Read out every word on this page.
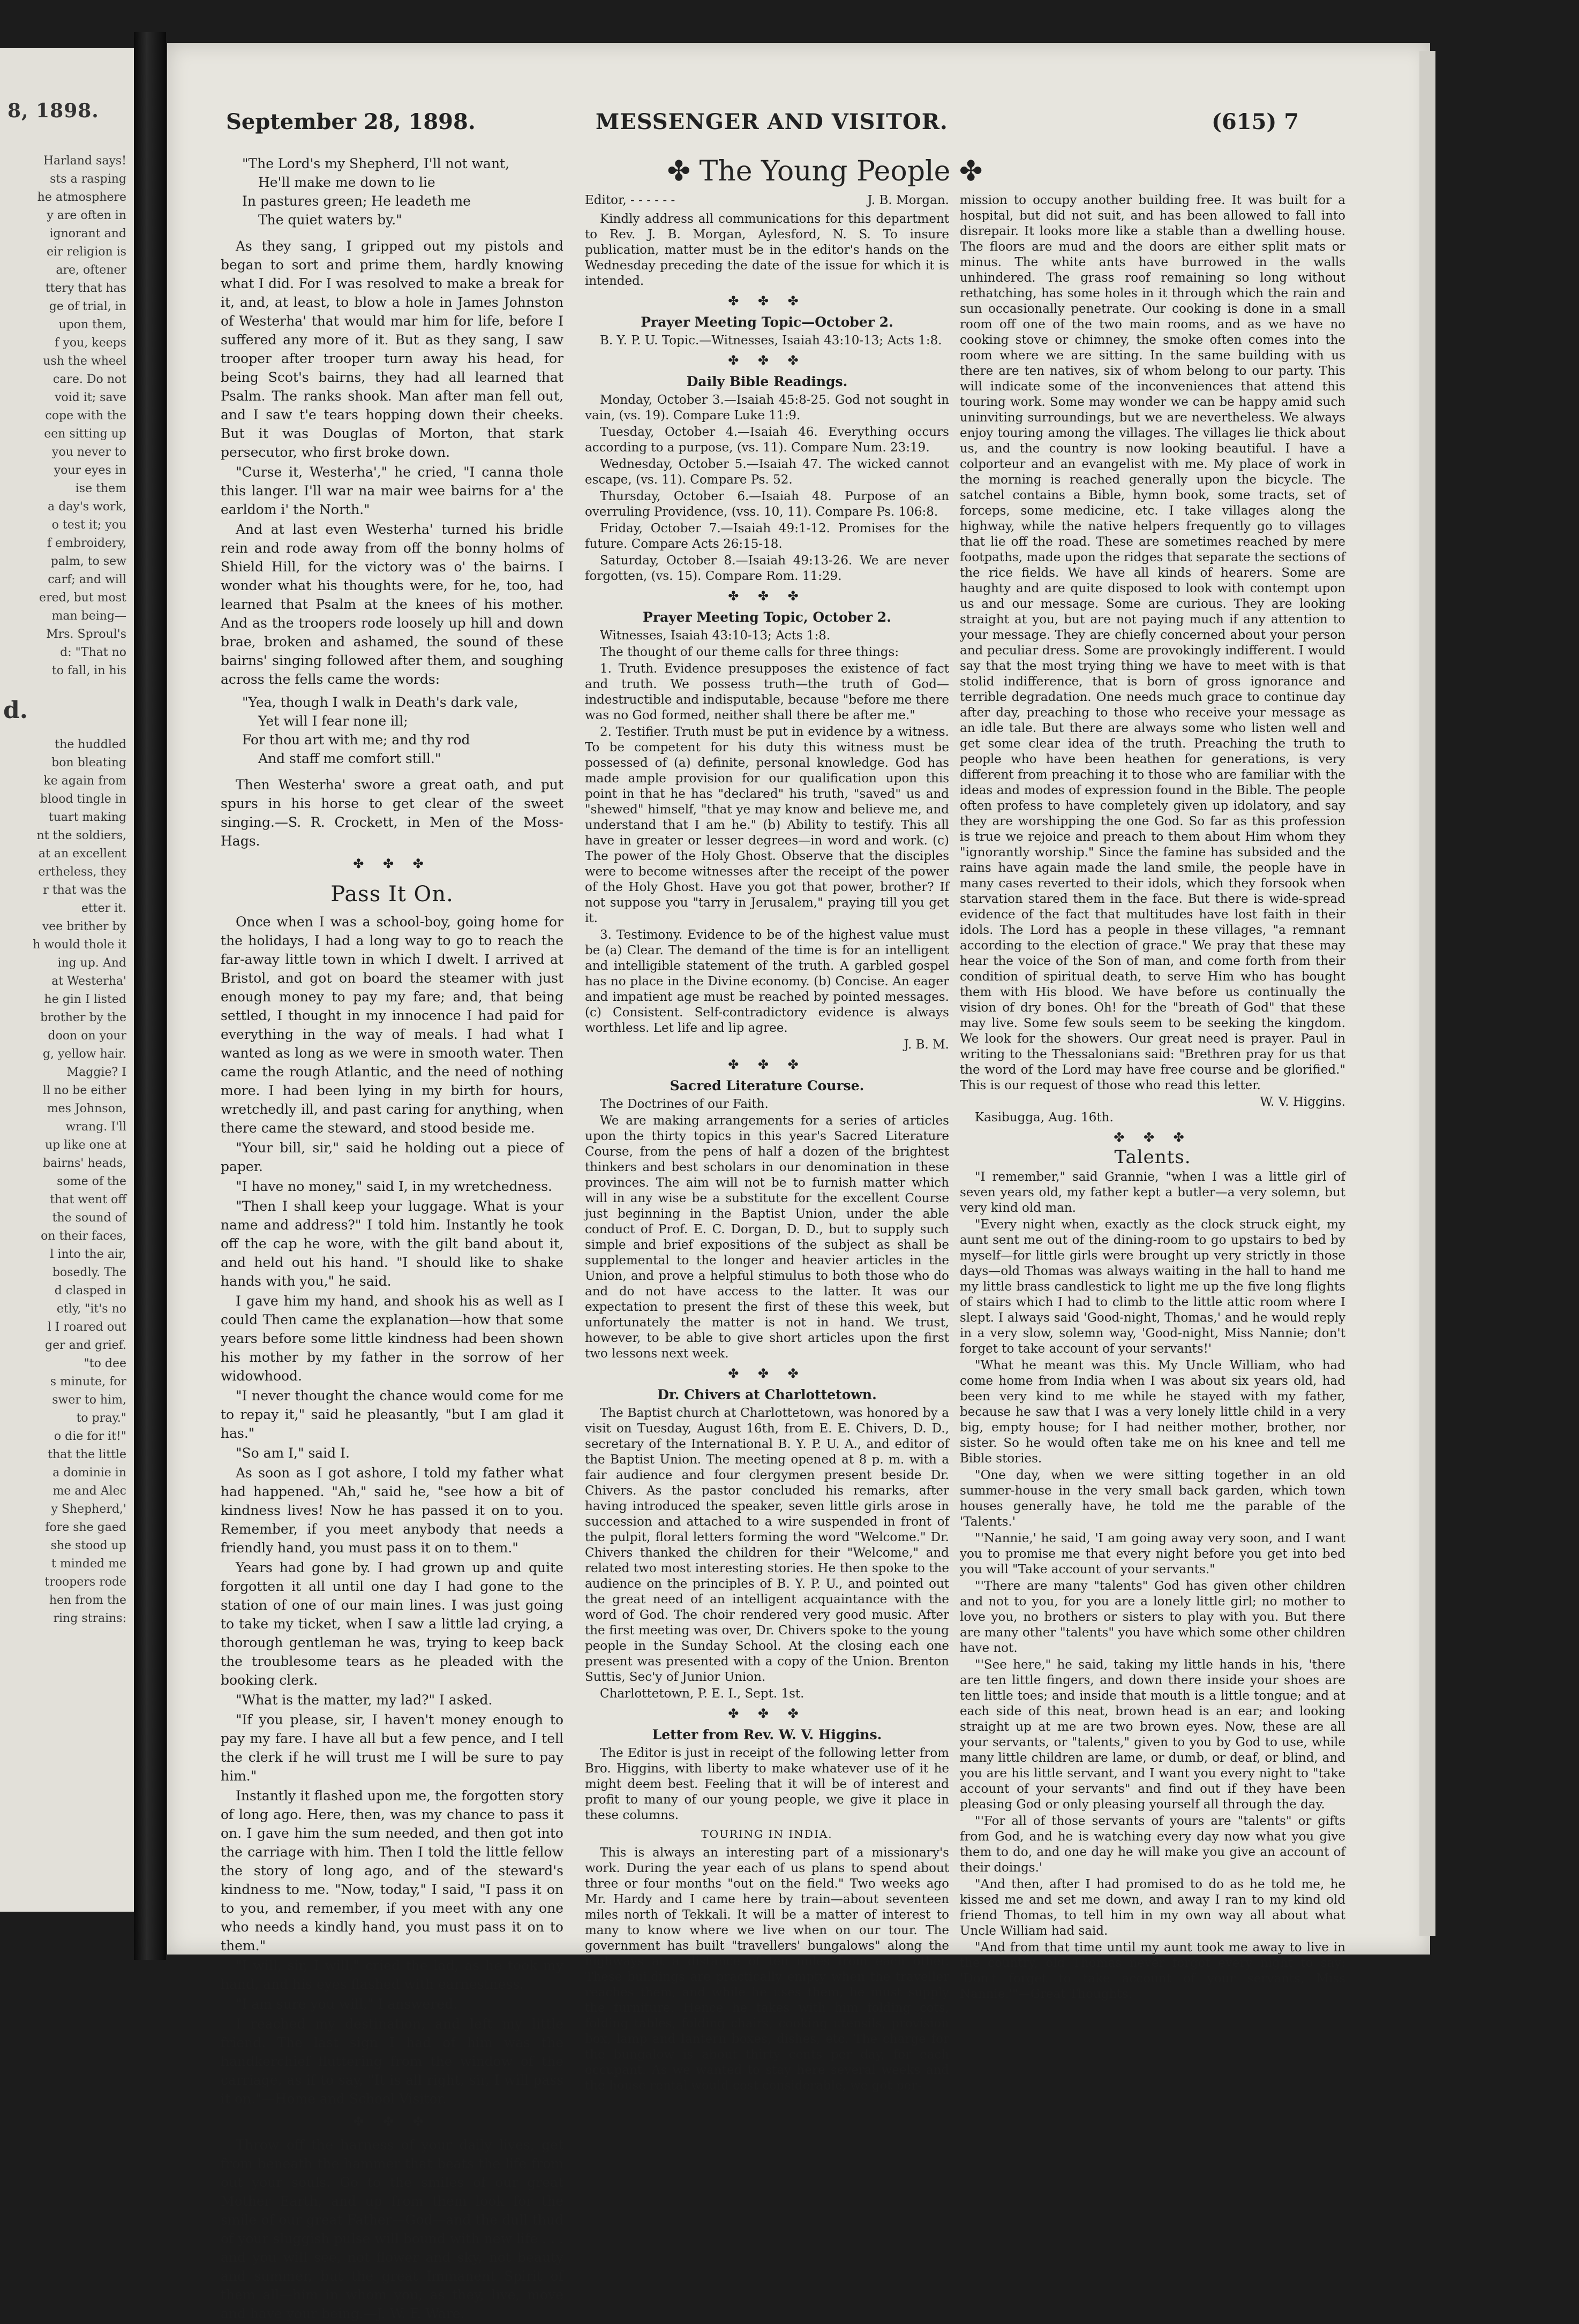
8, 1898.

Harland says!

sts a rasping

he atmosphere

y are often in

ignorant and

eir religion is

are, oftener

ttery that has

ge of trial, in

upon them,

f you, keeps

ush the wheel

care. Do not

void it; save

cope with the

een sitting up

you never to

your eyes in

ise them

a day's work,

o test it; you

f embroidery,

palm, to sew

carf; and will

ered, but most

man being—

Mrs. Sproul's

d: "That no

to fall, in his

d.

the huddled

bon bleating

ke again from

blood tingle in

tuart making

nt the soldiers,

at an excellent

ertheless, they

r that was the

etter it.

vee brither by

h would thole it

ing up. And

at Westerha'

he gin I listed

brother by the

doon on your

g, yellow hair.

Maggie? I

ll no be either

mes Johnson,

wrang. I'll

up like one at

bairns' heads,

some of the

that went off

the sound of

on their faces,

l into the air,

bosedly. The

d clasped in

etly, "it's no

l I roared out

ger and grief.

"to dee

s minute, for

swer to him,

to pray."

o die for it!"

that the little

a dominie in

me and Alec

y Shepherd,'

fore she gaed

she stood up

t minded me

troopers rode

hen from the

ring strains:

September 28, 1898.	MESSENGER AND VISITOR.	(615) 7
✤ The Young People ✤
"The Lord's my Shepherd, I'll not want,
He'll make me down to lie
In pastures green; He leadeth me
The quiet waters by."

As they sang, I gripped out my pistols and began to sort and prime them, hardly knowing what I did. For I was resolved to make a break for it, and, at least, to blow a hole in James Johnston of Westerha' that would mar him for life, before I suffered any more of it. But as they sang, I saw trooper after trooper turn away his head, for being Scot's bairns, they had all learned that Psalm. The ranks shook. Man after man fell out, and I saw t'e tears hopping down their cheeks. But it was Douglas of Morton, that stark persecutor, who first broke down.

"Curse it, Westerha'," he cried, "I canna thole this langer. I'll war na mair wee bairns for a' the earldom i' the North."

And at last even Westerha' turned his bridle rein and rode away from off the bonny holms of Shield Hill, for the victory was o' the bairns. I wonder what his thoughts were, for he, too, had learned that Psalm at the knees of his mother. And as the troopers rode loosely up hill and down brae, broken and ashamed, the sound of these bairns' singing followed after them, and soughing across the fells came the words:

"Yea, though I walk in Death's dark vale,
Yet will I fear none ill;
For thou art with me; and thy rod
And staff me comfort still."

Then Westerha' swore a great oath, and put spurs in his horse to get clear of the sweet singing.—S. R. Crockett, in Men of the Moss-Hags.

✤ ✤ ✤
Pass It On.

Once when I was a school-boy, going home for the holidays, I had a long way to go to reach the far-away little town in which I dwelt. I arrived at Bristol, and got on board the steamer with just enough money to pay my fare; and, that being settled, I thought in my innocence I had paid for everything in the way of meals. I had what I wanted as long as we were in smooth water. Then came the rough Atlantic, and the need of nothing more. I had been lying in my birth for hours, wretchedly ill, and past caring for anything, when there came the steward, and stood beside me.

"Your bill, sir," said he holding out a piece of paper.

"I have no money," said I, in my wretchedness.

"Then I shall keep your luggage. What is your name and address?" I told him. Instantly he took off the cap he wore, with the gilt band about it, and held out his hand. "I should like to shake hands with you," he said.

I gave him my hand, and shook his as well as I could Then came the explanation—how that some years before some little kindness had been shown his mother by my father in the sorrow of her widowhood.

"I never thought the chance would come for me to repay it," said he pleasantly, "but I am glad it has."

"So am I," said I.

As soon as I got ashore, I told my father what had happened. "Ah," said he, "see how a bit of kindness lives! Now he has passed it on to you. Remember, if you meet anybody that needs a friendly hand, you must pass it on to them."

Years had gone by. I had grown up and quite forgotten it all until one day I had gone to the station of one of our main lines. I was just going to take my ticket, when I saw a little lad crying, a thorough gentleman he was, trying to keep back the troublesome tears as he pleaded with the booking clerk.

"What is the matter, my lad?" I asked.

"If you please, sir, I haven't money enough to pay my fare. I have all but a few pence, and I tell the clerk if he will trust me I will be sure to pay him."

Instantly it flashed upon me, the forgotten story of long ago. Here, then, was my chance to pass it on. I gave him the sum needed, and then got into the carriage with him. Then I told the little fellow the story of long ago, and of the steward's kindness to me. "Now, today," I said, "I pass it on to you, and remember, if you meet with any one who needs a kindly hand, you must pass it on to them."

"I will, sir, I will," cried the lad, as he took my hand, and his eyes flashed with earnestness.

"I am sure you will," I answered.

I reached my destination, and left my little friend. The last sign I had of him was the handkerchief fluttering from the window of the carriage, as if to say, "It is all right, sir, I will pass it on."—Home and School Visitor.

✤ ✤ ✤

Throw off the harness of your daily lives, get from beneath the hammer that beats the life from out your souls. Go to the smiles of our great Mother Earth, and up from them look for the smile of our great Father—God—and the dull thud of your sluggish pulse will bound with new life . . . and you will see, not flower and sky, not beauty and summer, but the great Immanent Spirit of them all—him in whom you, as they, live, move and have your being.—J. W. F. Ware.

Editor, - - - - - -	J. B. Morgan.

Kindly address all communications for this department to Rev. J. B. Morgan, Aylesford, N. S. To insure publication, matter must be in the editor's hands on the Wednesday preceding the date of the issue for which it is intended.

✤ ✤ ✤
Prayer Meeting Topic—October 2.

B. Y. P. U. Topic.—Witnesses, Isaiah 43:10-13; Acts 1:8.

✤ ✤ ✤
Daily Bible Readings.

Monday, October 3.—Isaiah 45:8-25. God not sought in vain, (vs. 19). Compare Luke 11:9.

Tuesday, October 4.—Isaiah 46. Everything occurs according to a purpose, (vs. 11). Compare Num. 23:19.

Wednesday, October 5.—Isaiah 47. The wicked cannot escape, (vs. 11). Compare Ps. 52.

Thursday, October 6.—Isaiah 48. Purpose of an overruling Providence, (vss. 10, 11). Compare Ps. 106:8.

Friday, October 7.—Isaiah 49:1-12. Promises for the future. Compare Acts 26:15-18.

Saturday, October 8.—Isaiah 49:13-26. We are never forgotten, (vs. 15). Compare Rom. 11:29.

✤ ✤ ✤
Prayer Meeting Topic, October 2.

Witnesses, Isaiah 43:10-13; Acts 1:8.

The thought of our theme calls for three things:

1. Truth. Evidence presupposes the existence of fact and truth. We possess truth—the truth of God—indestructible and indisputable, because "before me there was no God formed, neither shall there be after me."

2. Testifier. Truth must be put in evidence by a witness. To be competent for his duty this witness must be possessed of (a) definite, personal knowledge. God has made ample provision for our qualification upon this point in that he has "declared" his truth, "saved" us and "shewed" himself, "that ye may know and believe me, and understand that I am he." (b) Ability to testify. This all have in greater or lesser degrees—in word and work. (c) The power of the Holy Ghost. Observe that the disciples were to become witnesses after the receipt of the power of the Holy Ghost. Have you got that power, brother? If not suppose you "tarry in Jerusalem," praying till you get it.

3. Testimony. Evidence to be of the highest value must be (a) Clear. The demand of the time is for an intelligent and intelligible statement of the truth. A garbled gospel has no place in the Divine economy. (b) Concise. An eager and impatient age must be reached by pointed messages. (c) Consistent. Self-contradictory evidence is always worthless. Let life and lip agree.

J. B. M.
✤ ✤ ✤
Sacred Literature Course.

The Doctrines of our Faith.

We are making arrangements for a series of articles upon the thirty topics in this year's Sacred Literature Course, from the pens of half a dozen of the brightest thinkers and best scholars in our denomination in these provinces. The aim will not be to furnish matter which will in any wise be a substitute for the excellent Course just beginning in the Baptist Union, under the able conduct of Prof. E. C. Dorgan, D. D., but to supply such simple and brief expositions of the subject as shall be supplemental to the longer and heavier articles in the Union, and prove a helpful stimulus to both those who do and do not have access to the latter. It was our expectation to present the first of these this week, but unfortunately the matter is not in hand. We trust, however, to be able to give short articles upon the first two lessons next week.

✤ ✤ ✤
Dr. Chivers at Charlottetown.

The Baptist church at Charlottetown, was honored by a visit on Tuesday, August 16th, from E. E. Chivers, D. D., secretary of the International B. Y. P. U. A., and editor of the Baptist Union. The meeting opened at 8 p. m. with a fair audience and four clergymen present beside Dr. Chivers. As the pastor concluded his remarks, after having introduced the speaker, seven little girls arose in succession and attached to a wire suspended in front of the pulpit, floral letters forming the word "Welcome." Dr. Chivers thanked the children for their "Welcome," and related two most interesting stories. He then spoke to the audience on the principles of B. Y. P. U., and pointed out the great need of an intelligent acquaintance with the word of God. The choir rendered very good music. After the first meeting was over, Dr. Chivers spoke to the young people in the Sunday School. At the closing each one present was presented with a copy of the Union. Brenton Suttis, Sec'y of Junior Union.

Charlottetown, P. E. I., Sept. 1st.

✤ ✤ ✤
Letter from Rev. W. V. Higgins.

The Editor is just in receipt of the following letter from Bro. Higgins, with liberty to make whatever use of it he might deem best. Feeling that it will be of interest and profit to many of our young people, we give it place in these columns.

TOURING IN INDIA.

This is always an interesting part of a missionary's work. During the year each of us plans to spend about three or four months "out on the field." Two weeks ago Mr. Hardy and I came here by train—about seventeen miles north of Tekkali. It will be a matter of interest to many to know where we live when on our tour. The government has built "travellers' bungalows" along the highways at a distance of ten miles from each other. These buildings are practically empty when the traveller reaches them, and while he uses them, he must supply the furniture. Hence he takes with him folding cots, folding tables, folding chairs, cooking utensils, provision box, lamp and lantern boxes, dishes, etc. The charge for the bungalow is about thirty cents per day, for each occupant. As we wanted to stay here several weeks and the house rental would cost considerable, we got per-

mission to occupy another building free. It was built for a hospital, but did not suit, and has been allowed to fall into disrepair. It looks more like a stable than a dwelling house. The floors are mud and the doors are either split mats or minus. The white ants have burrowed in the walls unhindered. The grass roof remaining so long without rethatching, has some holes in it through which the rain and sun occasionally penetrate. Our cooking is done in a small room off one of the two main rooms, and as we have no cooking stove or chimney, the smoke often comes into the room where we are sitting. In the same building with us there are ten natives, six of whom belong to our party. This will indicate some of the inconveniences that attend this touring work. Some may wonder we can be happy amid such uninviting surroundings, but we are nevertheless. We always enjoy touring among the villages. The villages lie thick about us, and the country is now looking beautiful. I have a colporteur and an evangelist with me. My place of work in the morning is reached generally upon the bicycle. The satchel contains a Bible, hymn book, some tracts, set of forceps, some medicine, etc. I take villages along the highway, while the native helpers frequently go to villages that lie off the road. These are sometimes reached by mere footpaths, made upon the ridges that separate the sections of the rice fields. We have all kinds of hearers. Some are haughty and are quite disposed to look with contempt upon us and our message. Some are curious. They are looking straight at you, but are not paying much if any attention to your message. They are chiefly concerned about your person and peculiar dress. Some are provokingly indifferent. I would say that the most trying thing we have to meet with is that stolid indifference, that is born of gross ignorance and terrible degradation. One needs much grace to continue day after day, preaching to those who receive your message as an idle tale. But there are always some who listen well and get some clear idea of the truth. Preaching the truth to people who have been heathen for generations, is very different from preaching it to those who are familiar with the ideas and modes of expression found in the Bible. The people often profess to have completely given up idolatory, and say they are worshipping the one God. So far as this profession is true we rejoice and preach to them about Him whom they "ignorantly worship." Since the famine has subsided and the rains have again made the land smile, the people have in many cases reverted to their idols, which they forsook when starvation stared them in the face. But there is wide-spread evidence of the fact that multitudes have lost faith in their idols. The Lord has a people in these villages, "a remnant according to the election of grace." We pray that these may hear the voice of the Son of man, and come forth from their condition of spiritual death, to serve Him who has bought them with His blood. We have before us continually the vision of dry bones. Oh! for the "breath of God" that these may live. Some few souls seem to be seeking the kingdom. We look for the showers. Our great need is prayer. Paul in writing to the Thessalonians said: "Brethren pray for us that the word of the Lord may have free course and be glorified." This is our request of those who read this letter.

W. V. Higgins.

Kasibugga, Aug. 16th.

✤ ✤ ✤
Talents.

"I remember," said Grannie, "when I was a little girl of seven years old, my father kept a butler—a very solemn, but very kind old man.

"Every night when, exactly as the clock struck eight, my aunt sent me out of the dining-room to go upstairs to bed by myself—for little girls were brought up very strictly in those days—old Thomas was always waiting in the hall to hand me my little brass candlestick to light me up the five long flights of stairs which I had to climb to the little attic room where I slept. I always said 'Good-night, Thomas,' and he would reply in a very slow, solemn way, 'Good-night, Miss Nannie; don't forget to take account of your servants!'

"What he meant was this. My Uncle William, who had come home from India when I was about six years old, had been very kind to me while he stayed with my father, because he saw that I was a very lonely little child in a very big, empty house; for I had neither mother, brother, nor sister. So he would often take me on his knee and tell me Bible stories.

"One day, when we were sitting together in an old summer-house in the very small back garden, which town houses generally have, he told me the parable of the 'Talents.'

"'Nannie,' he said, 'I am going away very soon, and I want you to promise me that every night before you get into bed you will "Take account of your servants."

"'There are many "talents" God has given other children and not to you, for you are a lonely little girl; no mother to love you, no brothers or sisters to play with you. But there are many other "talents" you have which some other children have not.

"'See here," he said, taking my little hands in his, 'there are ten little fingers, and down there inside your shoes are ten little toes; and inside that mouth is a little tongue; and at each side of this neat, brown head is an ear; and looking straight up at me are two brown eyes. Now, these are all your servants, or "talents," given to you by God to use, while many little children are lame, or dumb, or deaf, or blind, and you are his little servant, and I want you every night to "take account of your servants" and find out if they have been pleasing God or only pleasing yourself all through the day.

"'For all of those servants of yours are "talents" or gifts from God, and he is watching every day now what you give them to do, and one day he will make you give an account of their doings.'

"And then, after I had promised to do as he told me, he kissed me and set me down, and away I ran to my kind old friend Thomas, to tell him in my own way all about what Uncle William had said.

"And from that time until my aunt took me away to live in the country, old Thomas never forgot every night to say: 'Don't forget to take account of your servants, Miss Nannie.'"—Great Thoughts.
